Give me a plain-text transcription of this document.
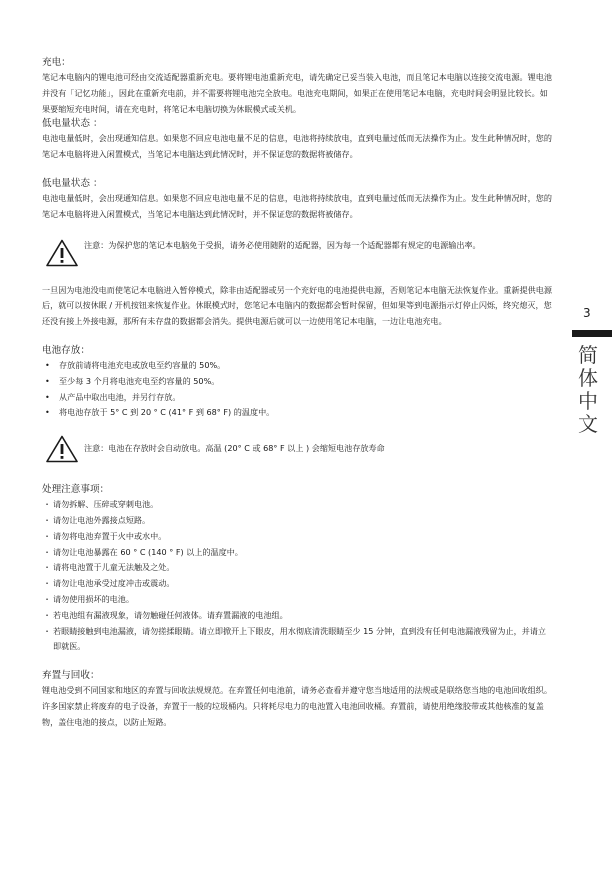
充电：

笔记本电脑内的锂电池可经由交流适配器重新充电。要将锂电池重新充电，请先确定已妥当装入电池，而且笔记本电脑以连接交流电源。锂电池并没有「记忆功能」，因此在重新充电前，并不需要将锂电池完全放电。电池充电期间，如果正在使用笔记本电脑，充电时间会明显比较长。如果要缩短充电时间，请在充电时，将笔记本电脑切换为休眠模式或关机。

低电量状态 ：

电池电量低时，会出现通知信息。如果您不回应电池电量不足的信息，电池将持续放电，直到电量过低而无法操作为止。发生此种情况时，您的笔记本电脑将进入闲置模式，当笔记本电脑达到此情况时，并不保证您的数据将被储存。

低电量状态 ：

电池电量低时，会出现通知信息。如果您不回应电池电量不足的信息，电池将持续放电，直到电量过低而无法操作为止。发生此种情况时，您的笔记本电脑将进入闲置模式，当笔记本电脑达到此情况时，并不保证您的数据将被储存。

注意：为保护您的笔记本电脑免于受损，请务必使用随附的适配器，因为每一个适配器都有规定的电源输出率。

一旦因为电池没电而使笔记本电脑进入暂停模式，除非由适配器或另一个充好电的电池提供电源，否则笔记本电脑无法恢复作业。重新提供电源后，就可以按休眠 / 开机按钮来恢复作业。休眠模式时，您笔记本电脑内的数据都会暂时保留，但如果等到电源指示灯停止闪烁，终究熄灭，您还没有接上外接电源，那所有未存盘的数据都会消失。提供电源后就可以一边使用笔记本电脑，一边让电池充电。

电池存放：

• 存放前请将电池充电或放电至约容量的 50%。
• 至少每 3 个月将电池充电至约容量的 50%。
• 从产品中取出电池，并另行存放。
• 将电池存放于 5° C 到 20 ° C (41° F 到 68° F) 的温度中。

注意：电池在存放时会自动放电。高温 (20° C 或 68° F 以上 ) 会缩短电池存放寿命

处理注意事项：

・ 请勿拆解、压碎或穿刺电池。
・ 请勿让电池外露接点短路。
・ 请勿将电池弃置于火中或水中。
・ 请勿让电池暴露在 60 ° C (140 ° F) 以上的温度中。
・ 请将电池置于儿童无法触及之处。
・ 请勿让电池承受过度冲击或震动。
・ 请勿使用损坏的电池。
・ 若电池组有漏液现象，请勿触碰任何液体。请弃置漏液的电池组。
・ 若眼睛接触到电池漏液，请勿搓揉眼睛。请立即掀开上下眼皮，用水彻底清洗眼睛至少 15 分钟，直到没有任何电池漏液残留为止，并请立即就医。

弃置与回收：

锂电池受到不同国家和地区的弃置与回收法规规范。在弃置任何电池前，请务必查看并遵守您当地适用的法规或是联络您当地的电池回收组织。许多国家禁止将废弃的电子设备，弃置于一般的垃圾桶内。只将耗尽电力的电池置入电池回收桶。弃置前，请使用绝缘胶带或其他核准的复盖物，盖住电池的接点，以防止短路。

3
简体中文
